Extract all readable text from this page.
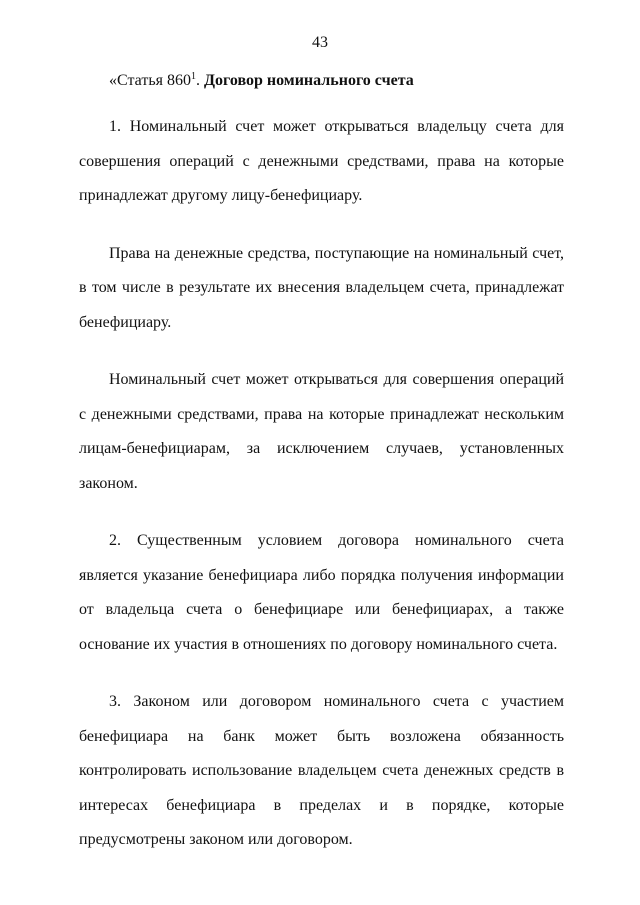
43
«Статья $860^1$. Договор номинального счета

1. Номинальный счет может открываться владельцу счета для совершения операций с денежными средствами, права на которые принадлежат другому лицу-бенефициару.

Права на денежные средства, поступающие на номинальный счет, в том числе в результате их внесения владельцем счета, принадлежат бенефициару.

Номинальный счет может открываться для совершения операций с денежными средствами, права на которые принадлежат нескольким лицам-бенефициарам, за исключением случаев, установленных законом.

2. Существенным условием договора номинального счета является указание бенефициара либо порядка получения информации от владельца счета о бенефициаре или бенефициарах, а также основание их участия в отношениях по договору номинального счета.

3. Законом или договором номинального счета с участием бенефициара на банк может быть возложена обязанность контролировать использование владельцем счета денежных средств в интересах бенефициара в пределах и в порядке, которые предусмотрены законом или договором.
